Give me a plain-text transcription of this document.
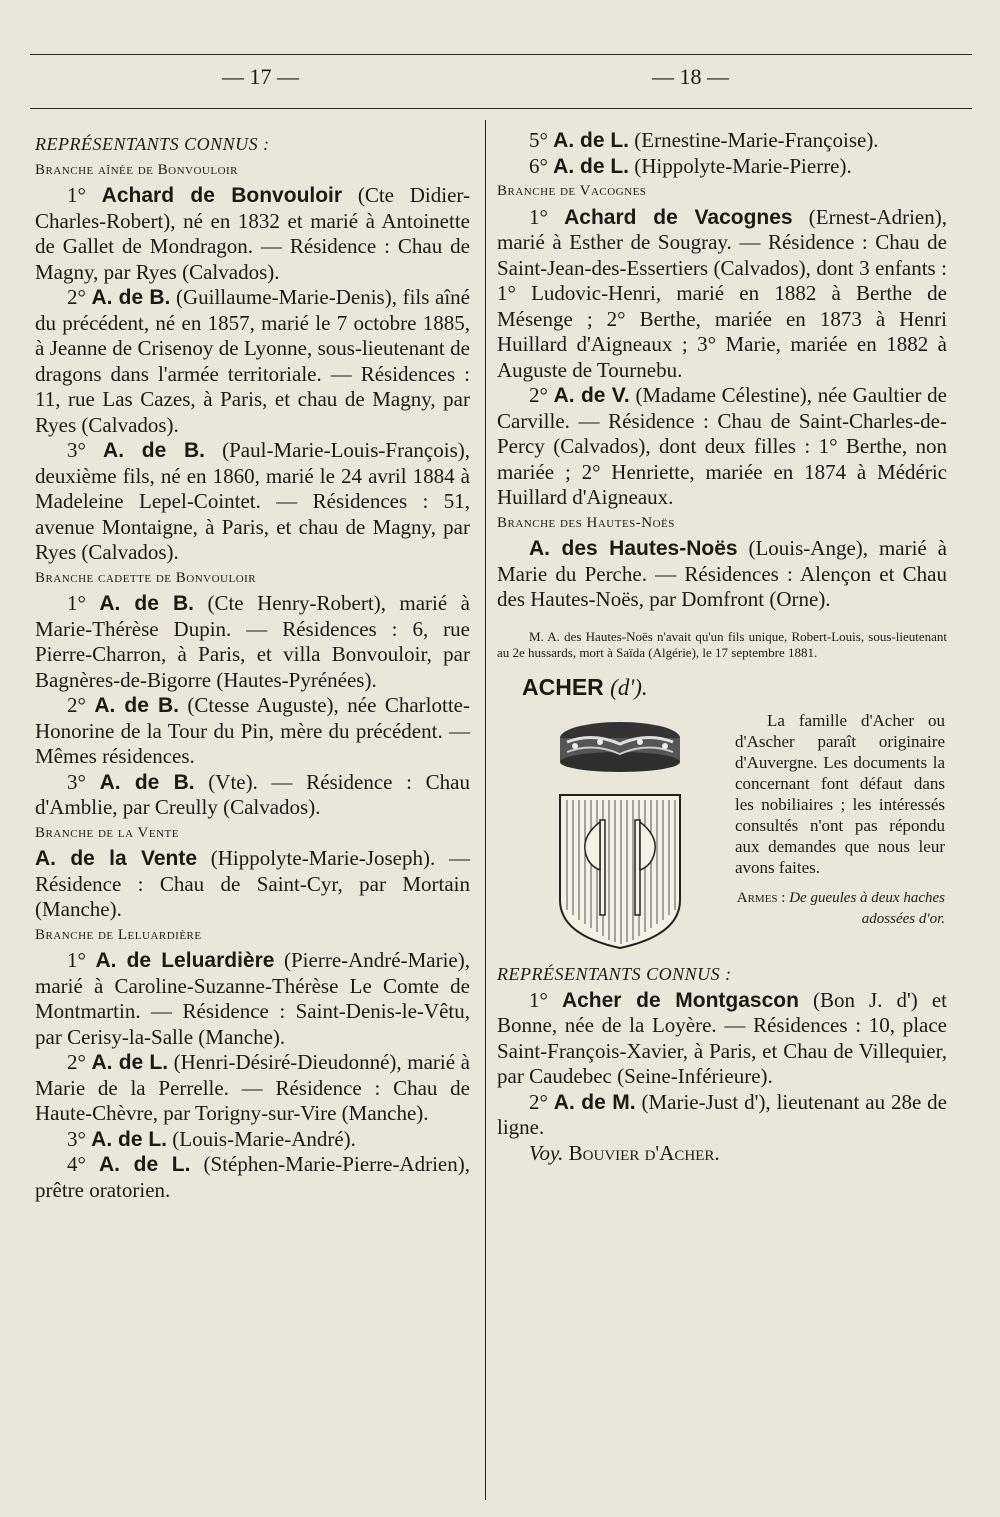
— 17 —	— 18 —

REPRÉSENTANTS CONNUS :

Branche aînée de Bonvouloir

1° Achard de Bonvouloir (Cte Didier-Charles-Robert), né en 1832 et marié à Antoinette de Gallet de Mondragon. — Résidence : Chau de Magny, par Ryes (Calvados).

2° A. de B. (Guillaume-Marie-Denis), fils aîné du précédent, né en 1857, marié le 7 octobre 1885, à Jeanne de Crisenoy de Lyonne, sous-lieutenant de dragons dans l'armée territoriale. — Résidences : 11, rue Las Cazes, à Paris, et chau de Magny, par Ryes (Calvados).

3° A. de B. (Paul-Marie-Louis-François), deuxième fils, né en 1860, marié le 24 avril 1884 à Madeleine Lepel-Cointet. — Résidences : 51, avenue Montaigne, à Paris, et chau de Magny, par Ryes (Calvados).

Branche cadette de Bonvouloir

1° A. de B. (Cte Henry-Robert), marié à Marie-Thérèse Dupin. — Résidences : 6, rue Pierre-Charron, à Paris, et villa Bonvouloir, par Bagnères-de-Bigorre (Hautes-Pyrénées).

2° A. de B. (Ctesse Auguste), née Charlotte-Honorine de la Tour du Pin, mère du précédent. — Mêmes résidences.

3° A. de B. (Vte). — Résidence : Chau d'Amblie, par Creully (Calvados).

Branche de la Vente

A. de la Vente (Hippolyte-Marie-Joseph). — Résidence : Chau de Saint-Cyr, par Mortain (Manche).

Branche de Leluardière

1° A. de Leluardière (Pierre-André-Marie), marié à Caroline-Suzanne-Thérèse Le Comte de Montmartin. — Résidence : Saint-Denis-le-Vêtu, par Cerisy-la-Salle (Manche).

2° A. de L. (Henri-Désiré-Dieudonné), marié à Marie de la Perrelle. — Résidence : Chau de Haute-Chèvre, par Torigny-sur-Vire (Manche).

3° A. de L. (Louis-Marie-André).

4° A. de L. (Stéphen-Marie-Pierre-Adrien), prêtre oratorien.

5° A. de L. (Ernestine-Marie-Françoise).

6° A. de L. (Hippolyte-Marie-Pierre).

Branche de Vacognes

1° Achard de Vacognes (Ernest-Adrien), marié à Esther de Sougray. — Résidence : Chau de Saint-Jean-des-Essertiers (Calvados), dont 3 enfants : 1° Ludovic-Henri, marié en 1882 à Berthe de Mésenge ; 2° Berthe, mariée en 1873 à Henri Huillard d'Aigneaux ; 3° Marie, mariée en 1882 à Auguste de Tournebu.

2° A. de V. (Madame Célestine), née Gaultier de Carville. — Résidence : Chau de Saint-Charles-de-Percy (Calvados), dont deux filles : 1° Berthe, non mariée ; 2° Henriette, mariée en 1874 à Médéric Huillard d'Aigneaux.

Branche des Hautes-Noës

A. des Hautes-Noës (Louis-Ange), marié à Marie du Perche. — Résidences : Alençon et Chau des Hautes-Noës, par Domfront (Orne).

M. A. des Hautes-Noës n'avait qu'un fils unique, Robert-Louis, sous-lieutenant au 2e hussards, mort à Saïda (Algérie), le 17 septembre 1881.

ACHER (d').

La famille d'Acher ou d'Ascher paraît originaire d'Auvergne. Les documents la concernant font défaut dans les nobiliaires ; les intéressés consultés n'ont pas répondu aux demandes que nous leur avons faites.

Armes : De gueules à deux haches adossées d'or.

REPRÉSENTANTS CONNUS :

1° Acher de Montgascon (Bon J. d') et Bonne, née de la Loyère. — Résidences : 10, place Saint-François-Xavier, à Paris, et Chau de Villequier, par Caudebec (Seine-Inférieure).

2° A. de M. (Marie-Just d'), lieutenant au 28e de ligne.

Voy. Bouvier d'Acher.
